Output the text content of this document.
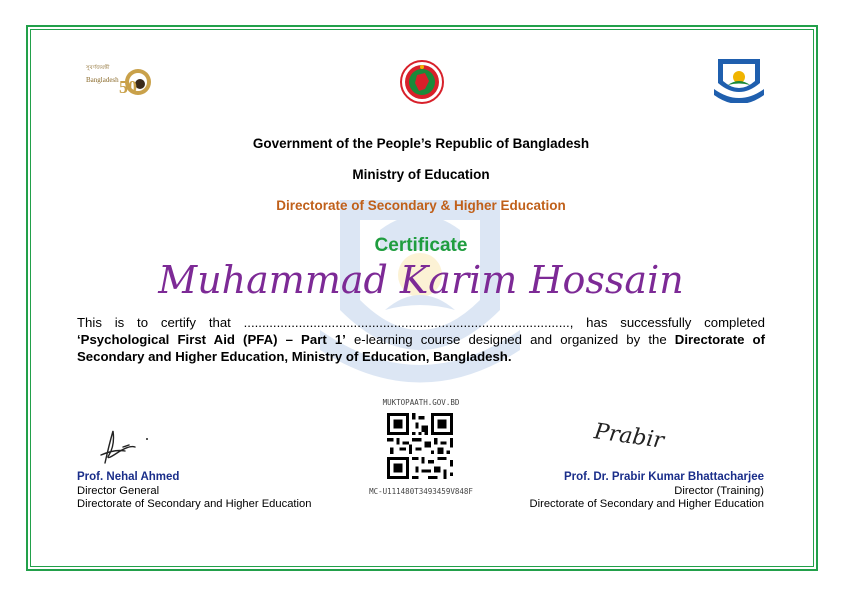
সুবর্ণজয়ন্তী
Bangladesh 50
Government of the People’s Republic of Bangladesh
Ministry of Education
Directorate of Secondary & Higher Education
Certificate
Muhammad Karim Hossain
This is to certify that ........................................................................................., has successfully completed ‘Psychological First Aid (PFA) – Part 1’ e-learning course designed and organized by the Directorate of Secondary and Higher Education, Ministry of Education, Bangladesh.
MUKTOPAATH.GOV.BD
MC-U111480T3493459V848F
Prof. Nehal Ahmed
Director General
Directorate of Secondary and Higher Education
Prabir
Prof. Dr. Prabir Kumar Bhattacharjee
Director (Training)
Directorate of Secondary and Higher Education
